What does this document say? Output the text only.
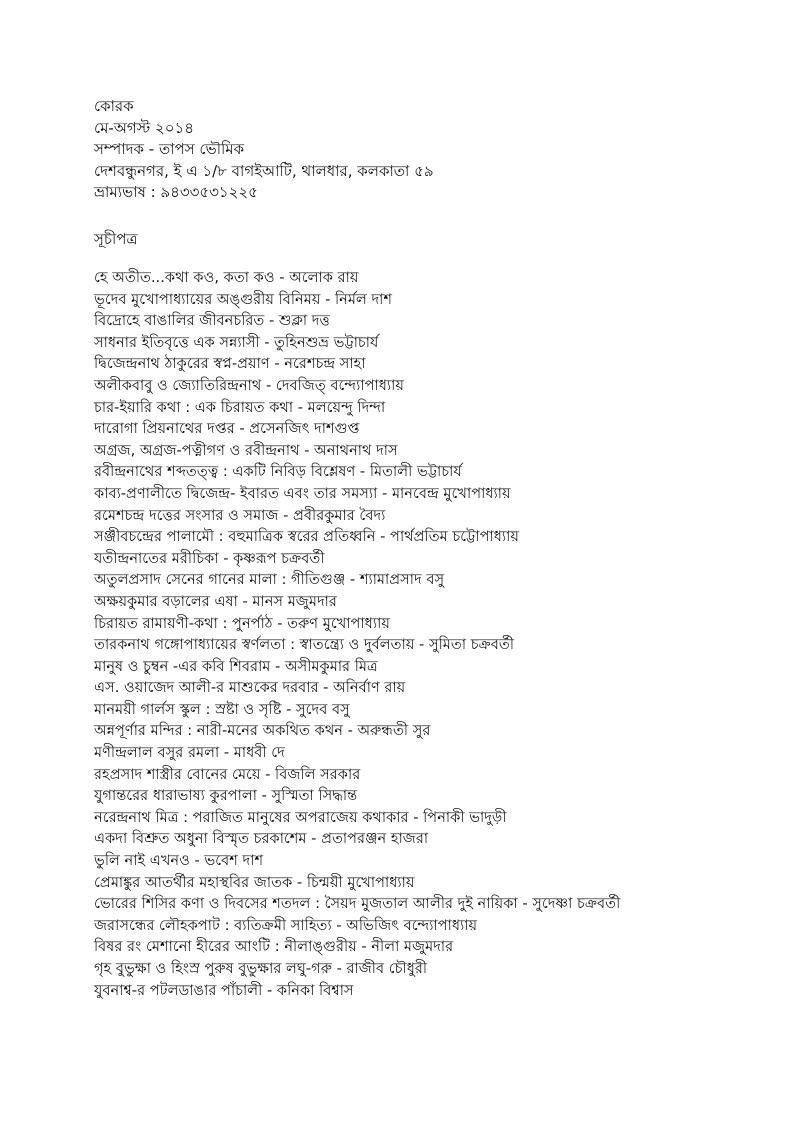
কোরক
মে-অগস্ট ২০১৪
সম্পাদক - তাপস ভৌমিক
দেশবন্ধুনগর, ই এ ১/৮ বাগইআটি, থালধার, কলকাতা ৫৯
ভ্রাম্যভাষ : ৯৪৩৩৫৩১২২৫
সূচীপত্র
হে অতীত...কথা কও, কতা কও - অলোক রায়
ভূদেব মুখোপাধ্যায়ের অঙ্গুরীয় বিনিময় - নির্মল দাশ
বিদ্রোহে বাঙালির জীবনচরিত - শুক্লা দত্ত
সাধনার ইতিবৃত্তে এক সন্ন্যাসী - তুহিনশুভ্র ভট্টাচার্য
দ্বিজেন্দ্রনাথ ঠাকুরের স্বপ্ন-প্রয়াণ - নরেশচন্দ্র সাহা
অলীকবাবু ও জ্যোতিরিন্দ্রনাথ - দেবজিত্‌ বন্দ্যোপাধ্যায়
চার-ইয়ারি কথা : এক চিরায়ত কথা - মলয়েন্দু দিন্দা
দারোগা প্রিয়নাথের দপ্তর - প্রসেনজিৎ দাশগুপ্ত
অগ্রজ, অগ্রজ-পত্নীগণ ও রবীন্দ্রনাথ - অনাথনাথ দাস
রবীন্দ্রনাথের শব্দতত্ত্ব : একটি নিবিড় বিশ্লেষণ - মিতালী ভট্টাচার্য
কাব্য-প্রণালীতে দ্বিজেন্দ্র- ইবারত এবং তার সমস্যা - মানবেন্দ্র মুখোপাধ্যায়
রমেশচন্দ্র দত্তের সংসার ও সমাজ - প্রবীরকুমার বৈদ্য
সঞ্জীবচন্দ্রের পালামৌ : বহুমাত্রিক স্বরের প্রতিধ্বনি - পার্থপ্রতিম চট্টোপাধ্যায়
যতীন্দ্রনাতের মরীচিকা - কৃষ্ণরূপ চক্রবর্তী
অতুলপ্রসাদ সেনের গানের মালা : গীতিগুঞ্জ - শ্যামাপ্রসাদ বসু
অক্ষয়কুমার বড়ালের এষা - মানস মজুমদার
চিরায়ত রামায়ণী-কথা : পুনর্পাঠ - তরুণ মুখোপাধ্যায়
তারকনাথ গঙ্গোপাধ্যায়ের স্বর্ণলতা : স্বাতন্ত্র্যে ও দুর্বলতায় - সুমিতা চক্রবর্তী
মানুষ ও চুম্বন -এর কবি শিবরাম - অসীমকুমার মিত্র
এস. ওয়াজেদ আলী-র মাশুকের দরবার - অনির্বাণ রায়
মানময়ী গার্লস স্কুল : স্রষ্টা ও সৃষ্টি - সুদেব বসু
অন্নপূর্ণার মন্দির : নারী-মনের অকথিত কথন - অরুন্ধতী সুর
মণীন্দ্রলাল বসুর রমলা - মাধবী দে
রহপ্রসাদ শাস্ত্রীর বোনের মেয়ে - বিজলি সরকার
যুগান্তরের ধারাভাষ্য কুরপালা - সুস্মিতা সিদ্ধান্ত
নরেন্দ্রনাথ মিত্র : পরাজিত মানুষের অপরাজেয় কথাকার - পিনাকী ভাদুড়ী
একদা বিশ্রুত অধুনা বিস্মৃত চরকাশেম - প্রতাপরঞ্জন হাজরা
ভুলি নাই এখনও - ভবেশ দাশ
প্রেমাঙ্কুর আতর্থীর মহাস্থবির জাতক - চিন্ময়ী মুখোপাধ্যায়
ভোরের শিসির কণা ও দিবসের শতদল : সৈয়দ মুজতাল আলীর দুই নায়িকা - সুদেষ্ণা চক্রবর্তী
জরাসন্ধের লৌহকপাট : ব্যতিক্রমী সাহিত্য - অভিজিৎ বন্দ্যোপাধ্যায়
বিষর রং মেশানো হীরের আংটি : নীলাঙ্গুরীয় - নীলা মজুমদার
গৃহ বুভুক্ষা ও হিংস্র পুরুষ বুভুক্ষার লঘু-গরু - রাজীব চৌধুরী
যুবনাশ্ব-র পটলডাঙার পাঁচালী - কনিকা বিশ্বাস
